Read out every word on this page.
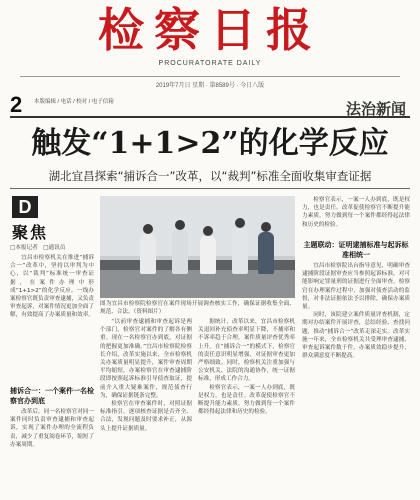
检察日报
PROCURATORATE DAILY
2019年7月日 星期 · 第8589号 · 今日八版
2 本版编辑 / 电话 / 校对 / 电子信箱	法治新闻
触发“1+1>2”的化学反应
湖北宜昌探索“捕诉合一”改革，以“裁判”标准全面收集审查证据
D
聚焦
□本报记者　□通讯员

宜昌市检察机关在推进“捕诉合一”改革中，坚持以审判为中心，以“裁判”标准统一审查证据，在案件办理中形成“1+1>2”的化学反应。一线办案检察官既负责审查逮捕，又负责审查起诉，对案件情况更加全面了解，有效提高了办案质量和效率。

捕诉合一：一个案件一名检察官办到底

改革后，同一名检察官对同一案件同时负责审查逮捕和审查起诉，实现了案件办理的全流程负责，减少了重复阅卷环节，缩短了办案周期。

图为宜昌市检察院检察官在案件现场开展调查核实工作，确保证据收集全面、规范、合法。（资料图片）

“以前审查逮捕和审查起诉是两个部门，检察官对案件的了解各有侧重。现在一名检察官办到底，对证据的把握更加准确。”宜昌市检察院检察长介绍，改革实施以来，全市检察机关办案质量明显提升，案件审查周期平均缩短。办案检察官在审查逮捕阶段即按照起诉标准引导侦查取证，提前介入重大疑难案件，规范侦查行为，确保证据链条完整。

检察官在审查案件时，对照证据标准指引，逐项核查证据是否齐全、合法，发现问题及时要求补正，从源头上提升证据质量。

据统计，改革以来，宜昌市检察机关退回补充侦查率明显下降，不捕率和不诉率趋于合理，案件质量评查优秀率上升。在“捕诉合一”的模式下，检察官的责任意识明显增强，对证据审查更加严格细致。同时，检察机关注重加强与公安机关、法院的沟通协作，统一证据标准，形成工作合力。

检察官表示，一案一人办到底，既是权力，也是责任。改革促使检察官不断提升能力素质，努力做到每一个案件都经得起法律和历史的检验。

检察官表示，一案一人办到底，既是权力，也是责任。改革促使检察官不断提升能力素质，努力做到每一个案件都经得起法律和历史的检验。

主题联动：证明逮捕标准与起诉标准相统一

宜昌市检察院出台指导意见，明确审查逮捕阶段证据审查应当参照起诉标准，对可能影响定罪量刑的证据进行全面审查。检察官在办理案件过程中，加强对侦查活动的监督，对非法证据依法予以排除，确保办案质量。

同时，该院建立案件质量评查机制，定期对办结案件开展评查，总结经验、查找问题，推动“捕诉合一”改革走深走实。改革实施一年来，全市检察机关共受理审查逮捕、审查起诉案件数千件，办案质效稳步提升，群众满意度不断提高。
